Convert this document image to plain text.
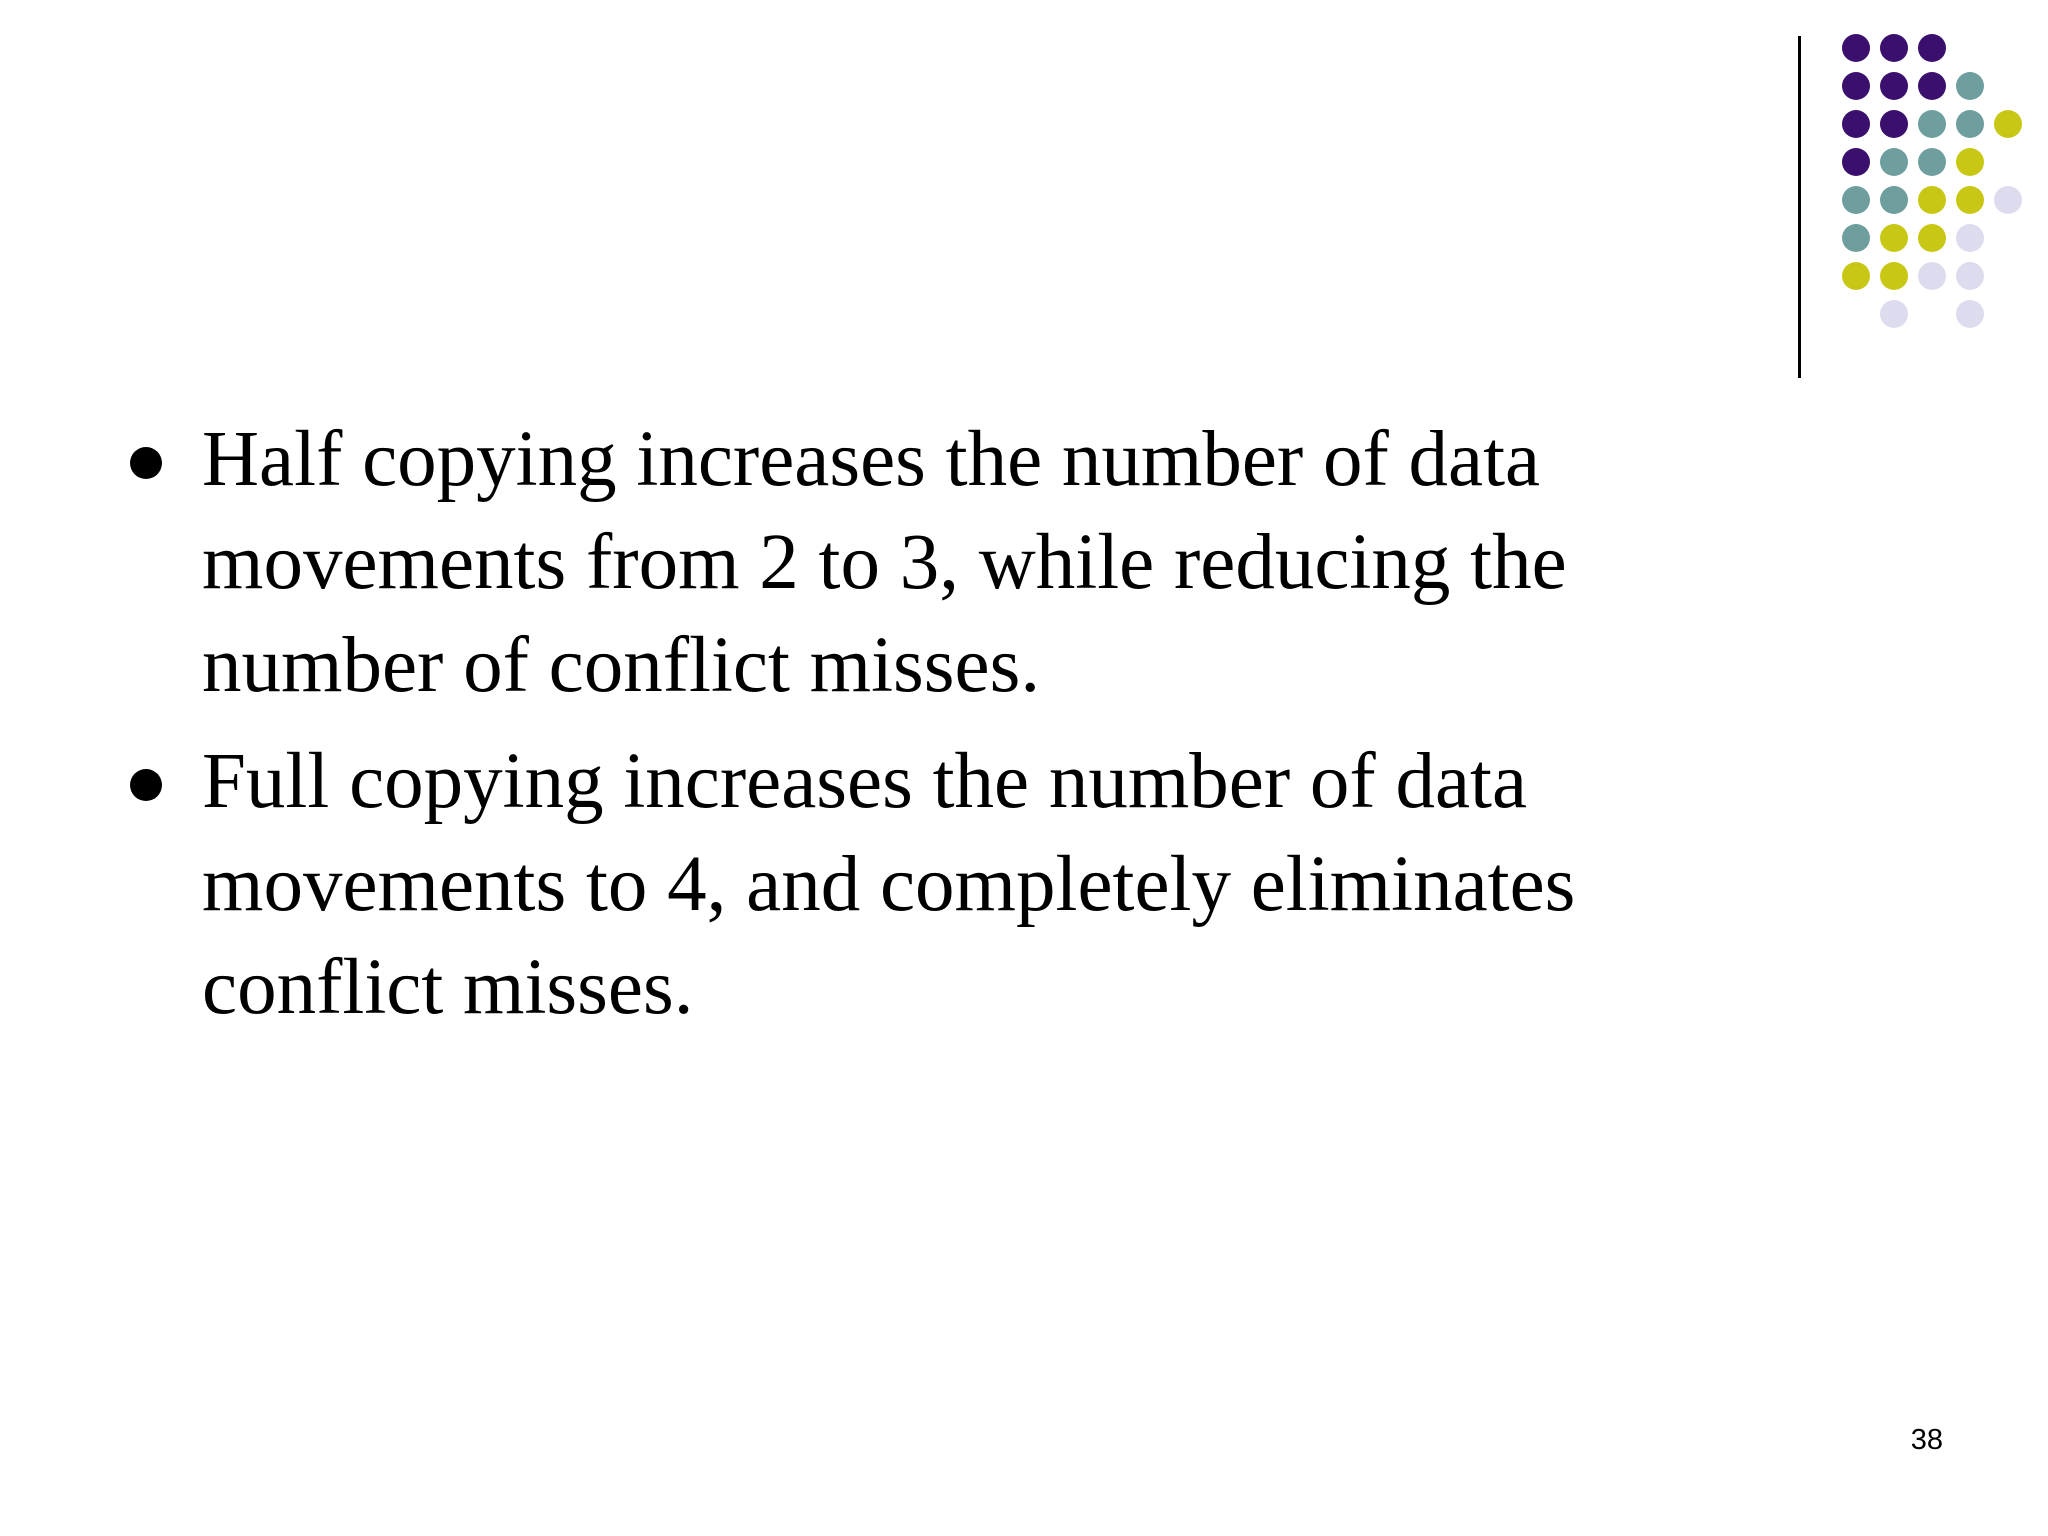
Half copying increases the number of data movements from 2 to 3, while reducing the number of conflict misses.
Full copying increases the number of data movements to 4, and completely eliminates conflict misses.
38
